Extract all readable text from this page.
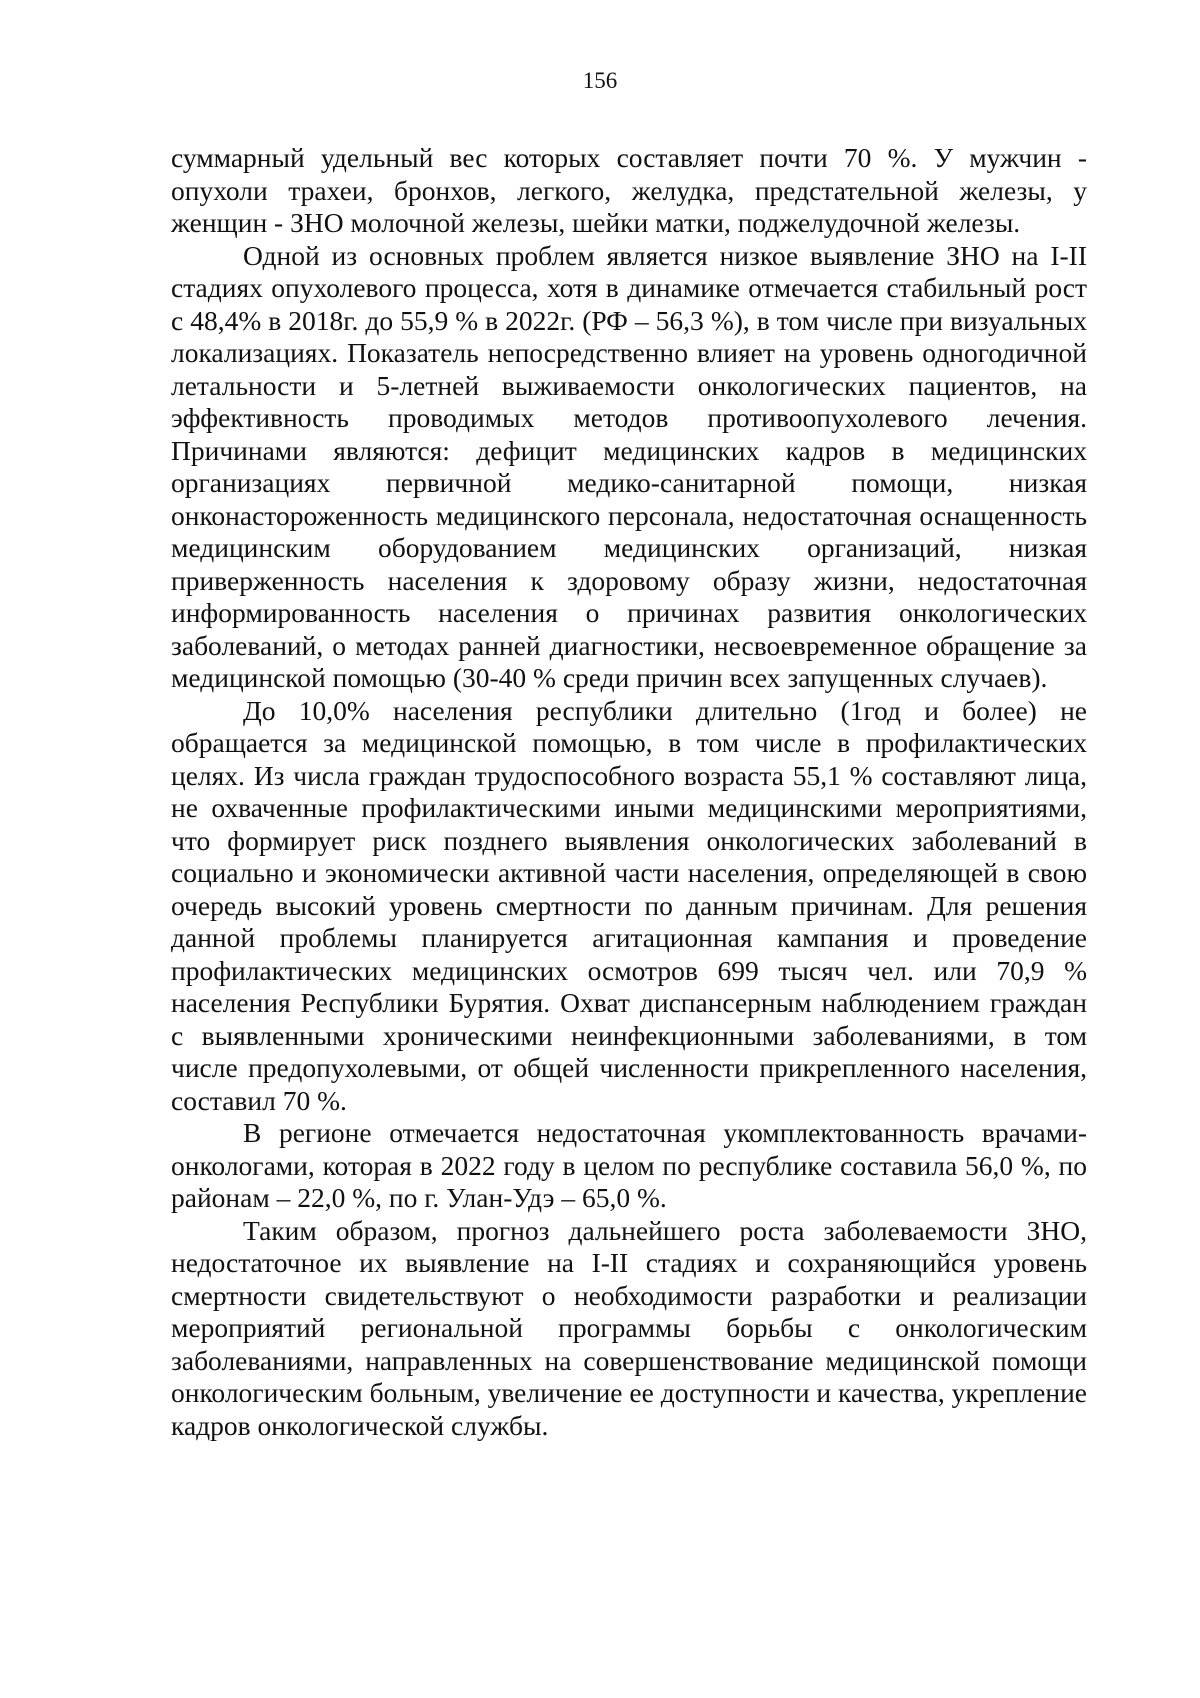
156

суммарный удельный вес которых составляет почти 70 %. У мужчин - опухоли трахеи, бронхов, легкого, желудка, предстательной железы, у женщин - ЗНО молочной железы, шейки матки, поджелудочной железы.

Одной из основных проблем является низкое выявление ЗНО на I-II стадиях опухолевого процесса, хотя в динамике отмечается стабильный рост с 48,4% в 2018г. до 55,9 % в 2022г. (РФ – 56,3 %), в том числе при визуальных локализациях. Показатель непосредственно влияет на уровень одногодичной летальности и 5-летней выживаемости онкологических пациентов, на эффективность проводимых методов противоопухолевого лечения. Причинами являются: дефицит медицинских кадров в медицинских организациях первичной медико-санитарной помощи, низкая онконастороженность медицинского персонала, недостаточная оснащенность медицинским оборудованием медицинских организаций, низкая приверженность населения к здоровому образу жизни, недостаточная информированность населения о причинах развития онкологических заболеваний, о методах ранней диагностики, несвоевременное обращение за медицинской помощью (30-40 % среди причин всех запущенных случаев).

До 10,0% населения республики длительно (1год и более) не обращается за медицинской помощью, в том числе в профилактических целях. Из числа граждан трудоспособного возраста 55,1 % составляют лица, не охваченные профилактическими иными медицинскими мероприятиями, что формирует риск позднего выявления онкологических заболеваний в социально и экономически активной части населения, определяющей в свою очередь высокий уровень смертности по данным причинам. Для решения данной проблемы планируется агитационная кампания и проведение профилактических медицинских осмотров 699 тысяч чел. или 70,9 % населения Республики Бурятия. Охват диспансерным наблюдением граждан с выявленными хроническими неинфекционными заболеваниями, в том числе предопухолевыми, от общей численности прикрепленного населения, составил 70 %.

В регионе отмечается недостаточная укомплектованность врачами-онкологами, которая в 2022 году в целом по республике составила 56,0 %, по районам – 22,0 %, по г. Улан-Удэ – 65,0 %.

Таким образом, прогноз дальнейшего роста заболеваемости ЗНО, недостаточное их выявление на I-II стадиях и сохраняющийся уровень смертности свидетельствуют о необходимости разработки и реализации мероприятий региональной программы борьбы с онкологическим заболеваниями, направленных на совершенствование медицинской помощи онкологическим больным, увеличение ее доступности и качества, укрепление кадров онкологической службы.
